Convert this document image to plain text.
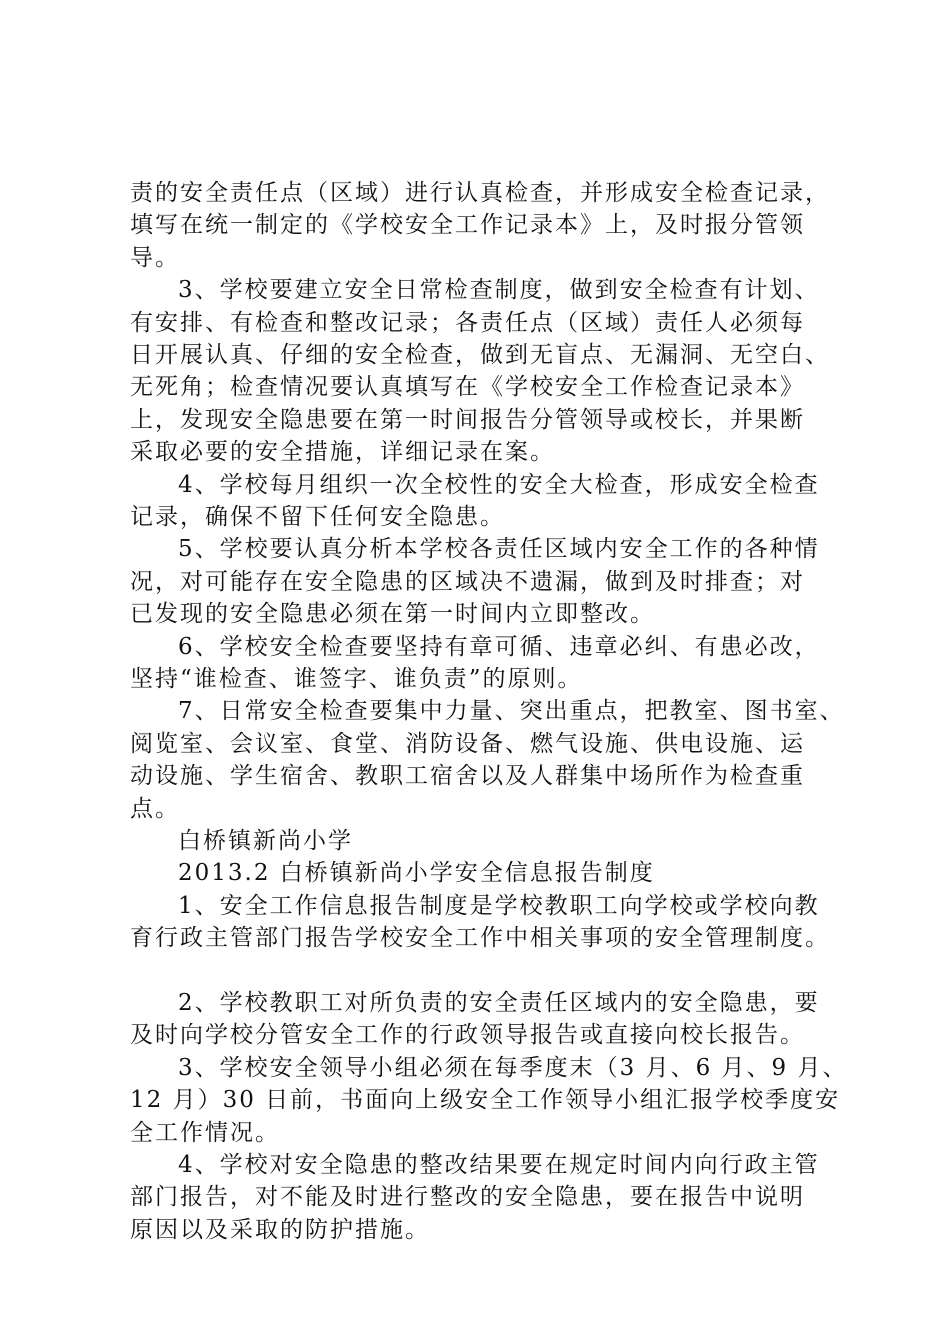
责的安全责任点（区域）进行认真检查，并形成安全检查记录，
填写在统一制定的《学校安全工作记录本》上，及时报分管领
导。
3、学校要建立安全日常检查制度，做到安全检查有计划、
有安排、有检查和整改记录；各责任点（区域）责任人必须每
日开展认真、仔细的安全检查，做到无盲点、无漏洞、无空白、
无死角；检查情况要认真填写在《学校安全工作检查记录本》
上，发现安全隐患要在第一时间报告分管领导或校长，并果断
采取必要的安全措施，详细记录在案。
4、学校每月组织一次全校性的安全大检查，形成安全检查
记录，确保不留下任何安全隐患。
5、学校要认真分析本学校各责任区域内安全工作的各种情
况，对可能存在安全隐患的区域决不遗漏，做到及时排查；对
已发现的安全隐患必须在第一时间内立即整改。
6、学校安全检查要坚持有章可循、违章必纠、有患必改，
坚持“谁检查、谁签字、谁负责”的原则。
7、日常安全检查要集中力量、突出重点，把教室、图书室、
阅览室、会议室、食堂、消防设备、燃气设施、供电设施、运
动设施、学生宿舍、教职工宿舍以及人群集中场所作为检查重
点。
白桥镇新尚小学
2013.2 白桥镇新尚小学安全信息报告制度
1、安全工作信息报告制度是学校教职工向学校或学校向教
育行政主管部门报告学校安全工作中相关事项的安全管理制度。
2、学校教职工对所负责的安全责任区域内的安全隐患，要
及时向学校分管安全工作的行政领导报告或直接向校长报告。
3、学校安全领导小组必须在每季度末（3 月、6 月、9 月、
12 月）30 日前，书面向上级安全工作领导小组汇报学校季度安
全工作情况。
4、学校对安全隐患的整改结果要在规定时间内向行政主管
部门报告，对不能及时进行整改的安全隐患，要在报告中说明
原因以及采取的防护措施。
